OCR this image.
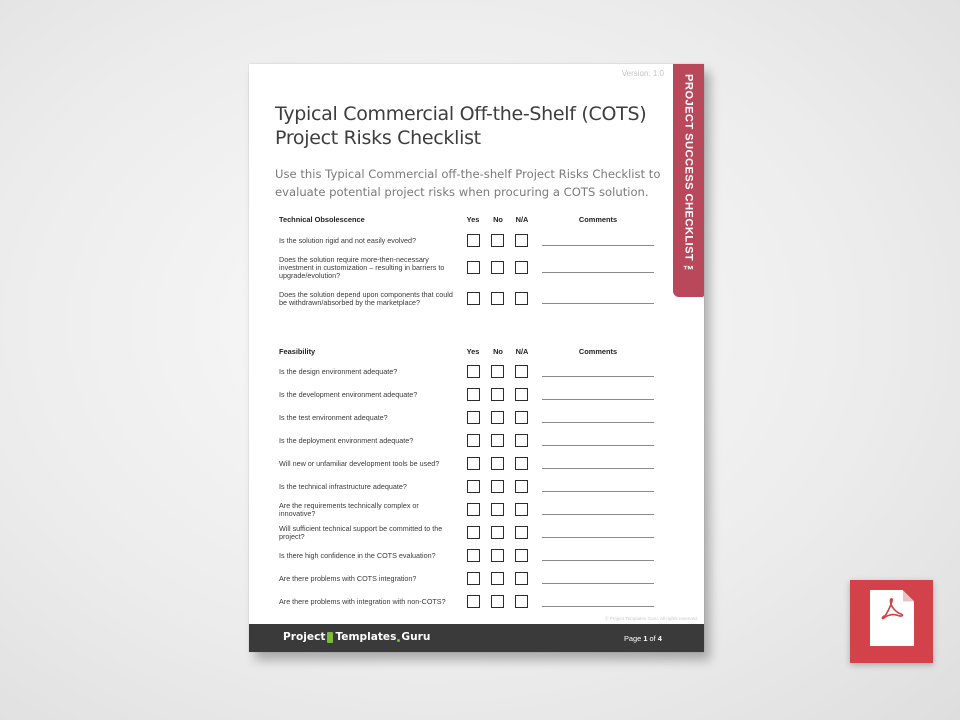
Version: 1.0
PROJECT SUCCESS CHECKLIST ™
Typical Commercial Off-the-Shelf (COTS)
Project Risks Checklist

Use this Typical Commercial off-the-shelf Project Risks Checklist to
evaluate potential project risks when procuring a COTS solution.

Technical Obsolescence	Yes	No	N/A	Comments
Is the solution rigid and not easily evolved?
Does the solution require more-then-necessary investment in customization – resulting in barriers to upgrade/evolution?
Does the solution depend upon components that could be withdrawn/absorbed by the marketplace?
Feasibility	Yes	No	N/A	Comments
Is the design environment adequate?
Is the development environment adequate?
Is the test environment adequate?
Is the deployment environment adequate?
Will new or unfamiliar development tools be used?
Is the technical infrastructure adequate?
Are the requirements technically complex or innovative?
Will sufficient technical support be committed to the project?
Is there high confidence in the COTS evaluation?
Are there problems with COTS integration?
Are there problems with integration with non-COTS?
© Project Templates Guru. All rights reserved.
Project Templates Guru	Page 1 of 4	PDF
